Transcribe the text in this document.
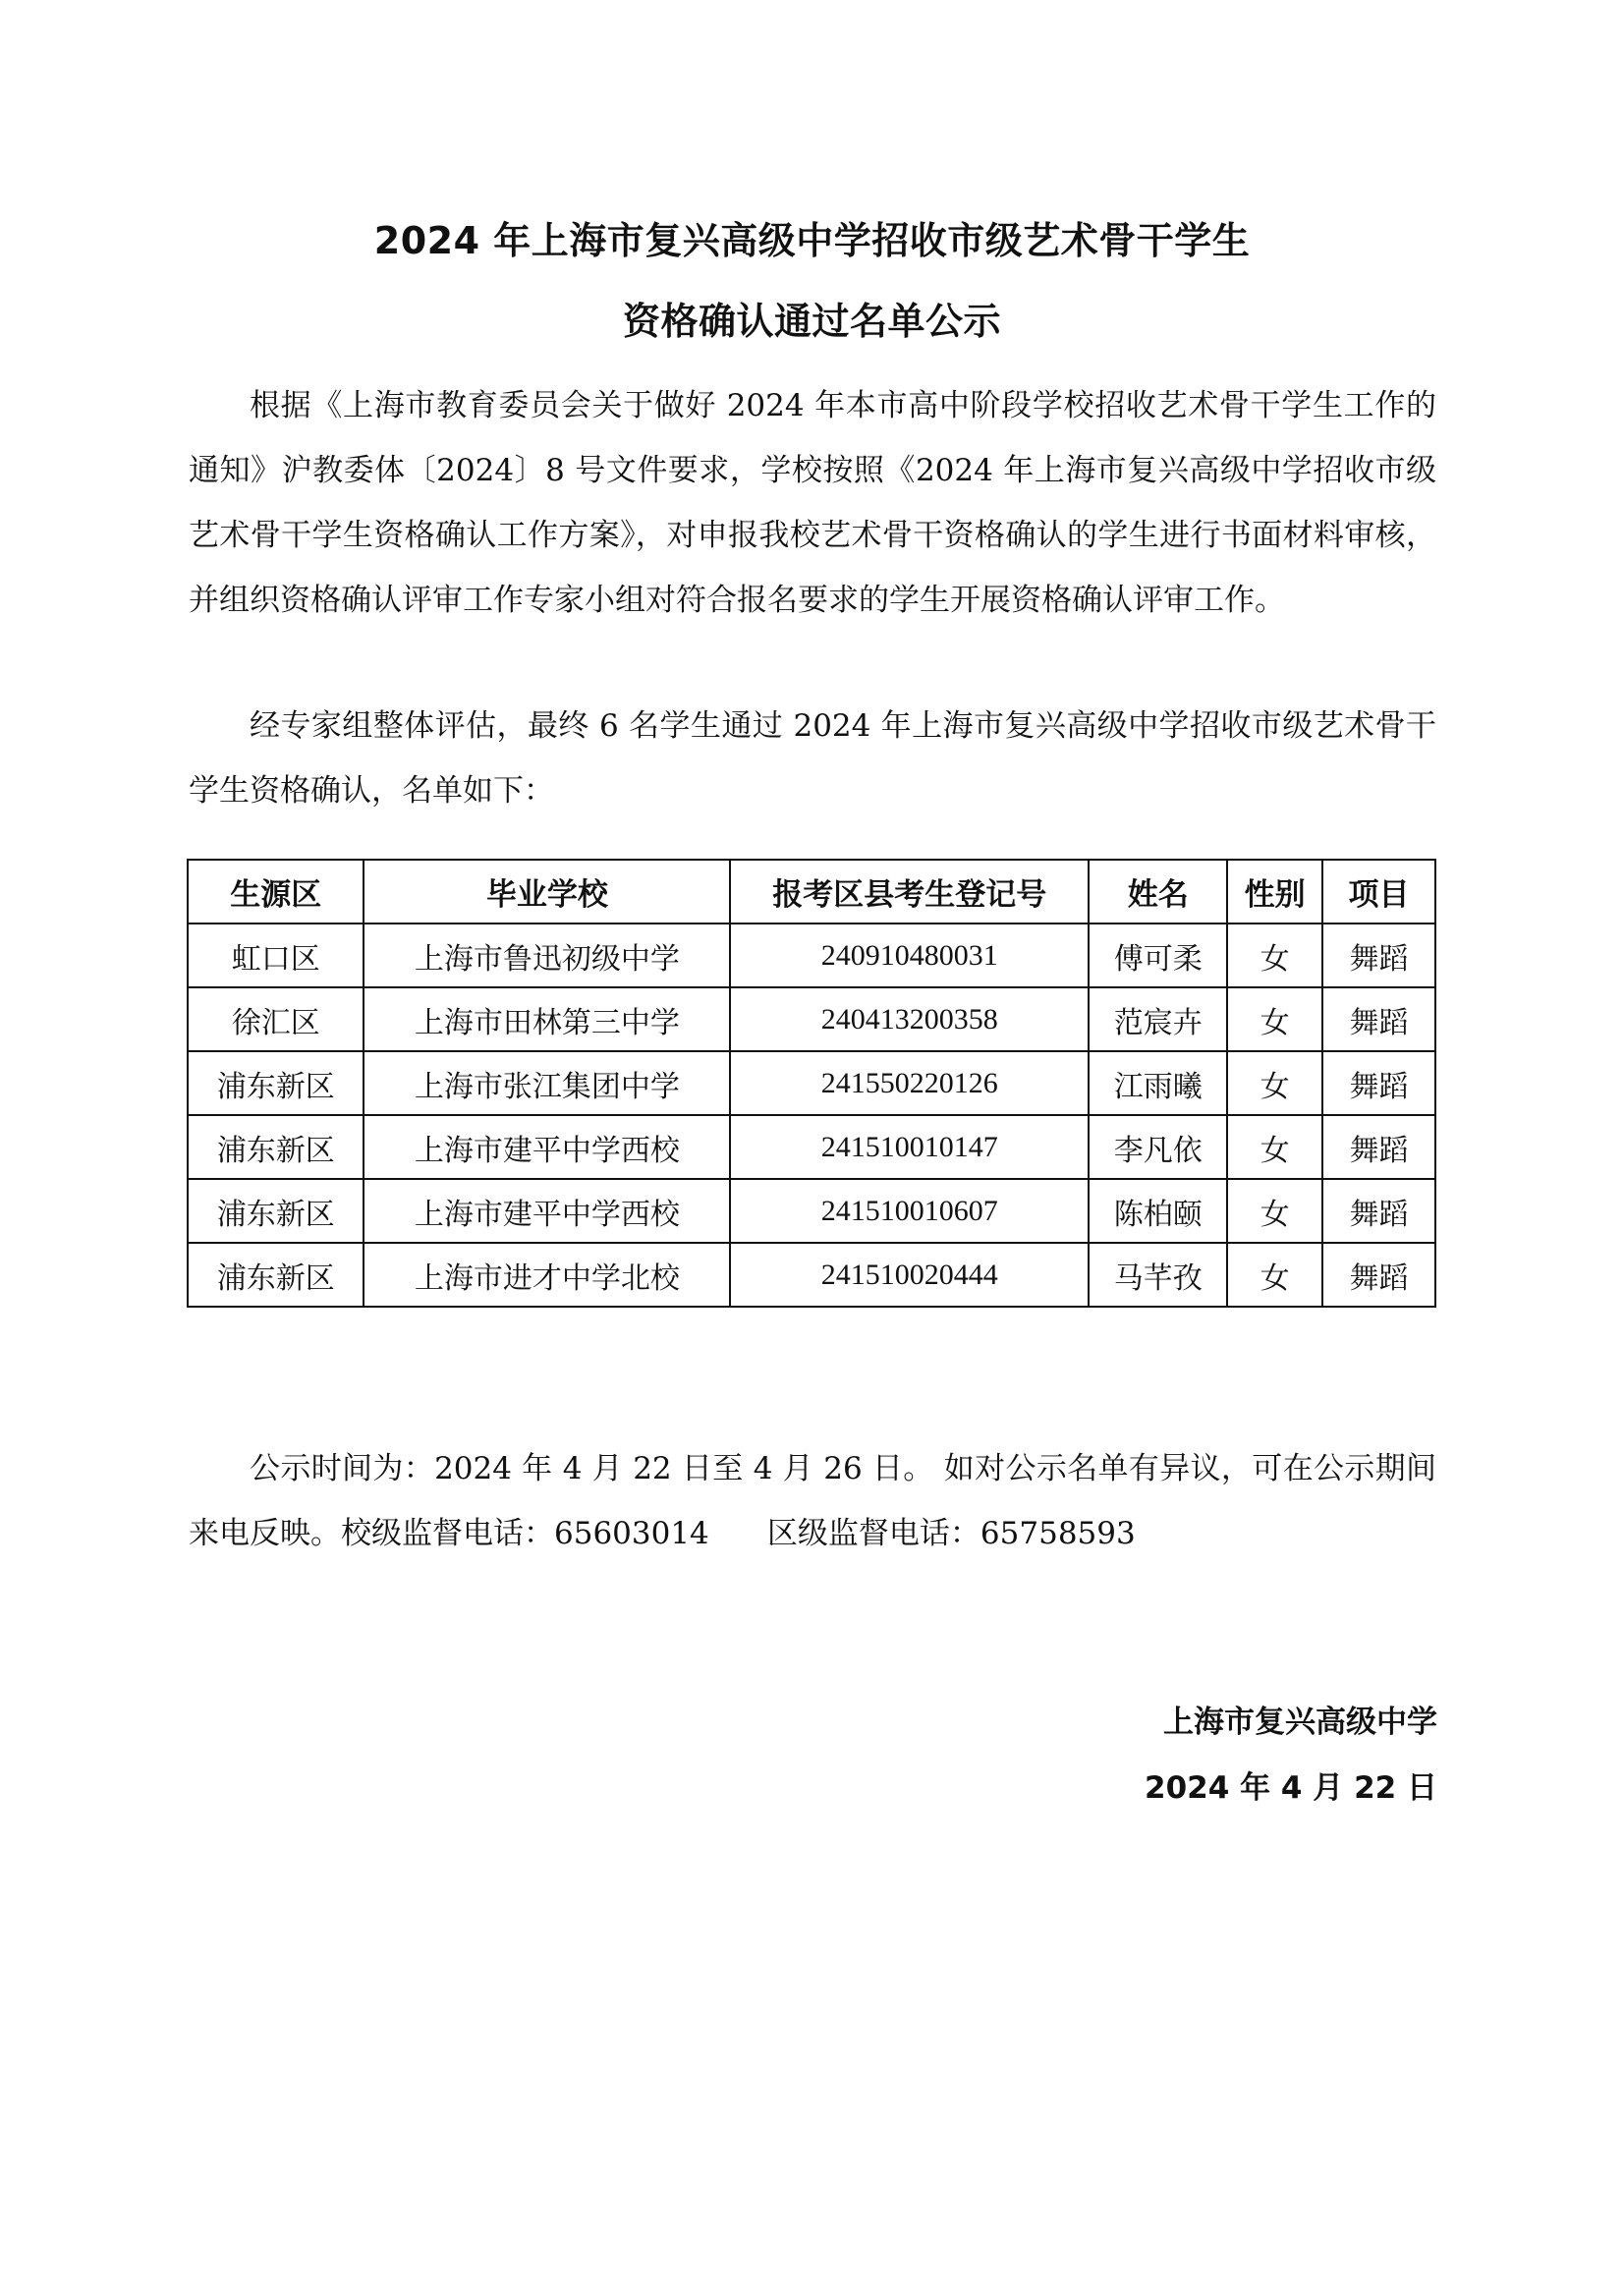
2024 年上海市复兴高级中学招收市级艺术骨干学生
资格确认通过名单公示

根据《上海市教育委员会关于做好 2024 年本市高中阶段学校招收艺术骨干学生工作的通知》沪教委体〔2024〕8 号文件要求，学校按照《2024 年上海市复兴高级中学招收市级艺术骨干学生资格确认工作方案》，对申报我校艺术骨干资格确认的学生进行书面材料审核，并组织资格确认评审工作专家小组对符合报名要求的学生开展资格确认评审工作。

经专家组整体评估，最终 6 名学生通过 2024 年上海市复兴高级中学招收市级艺术骨干学生资格确认，名单如下：

生源区	毕业学校	报考区县考生登记号	姓名	性别	项目
虹口区	上海市鲁迅初级中学	240910480031	傅可柔	女	舞蹈
徐汇区	上海市田林第三中学	240413200358	范宸卉	女	舞蹈
浦东新区	上海市张江集团中学	241550220126	江雨曦	女	舞蹈
浦东新区	上海市建平中学西校	241510010147	李凡依	女	舞蹈
浦东新区	上海市建平中学西校	241510010607	陈柏颐	女	舞蹈
浦东新区	上海市进才中学北校	241510020444	马芊孜	女	舞蹈

公示时间为：2024 年 4 月 22 日至 4 月 26 日。 如对公示名单有异议，可在公示期间来电反映。校级监督电话：65603014 区级监督电话：65758593

上海市复兴高级中学
2024 年 4 月 22 日
